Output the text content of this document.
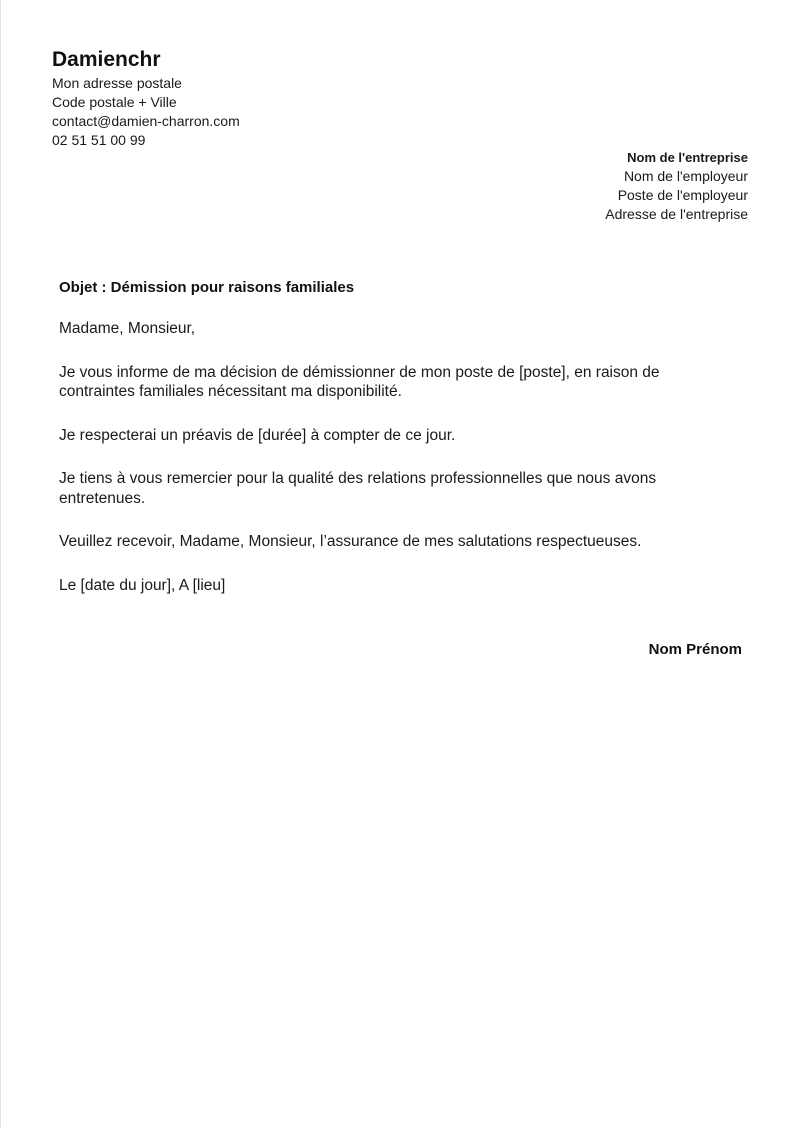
Damienchr
Mon adresse postale
Code postale + Ville
contact@damien-charron.com
02 51 51 00 99
Nom de l'entreprise
Nom de l'employeur
Poste de l'employeur
Adresse de l'entreprise

Objet : Démission pour raisons familiales

Madame, Monsieur,

Je vous informe de ma décision de démissionner de mon poste de [poste], en raison de contraintes familiales nécessitant ma disponibilité.

Je respecterai un préavis de [durée] à compter de ce jour.

Je tiens à vous remercier pour la qualité des relations professionnelles que nous avons entretenues.

Veuillez recevoir, Madame, Monsieur, l’assurance de mes salutations respectueuses.

Le [date du jour], A [lieu]

Nom Prénom
